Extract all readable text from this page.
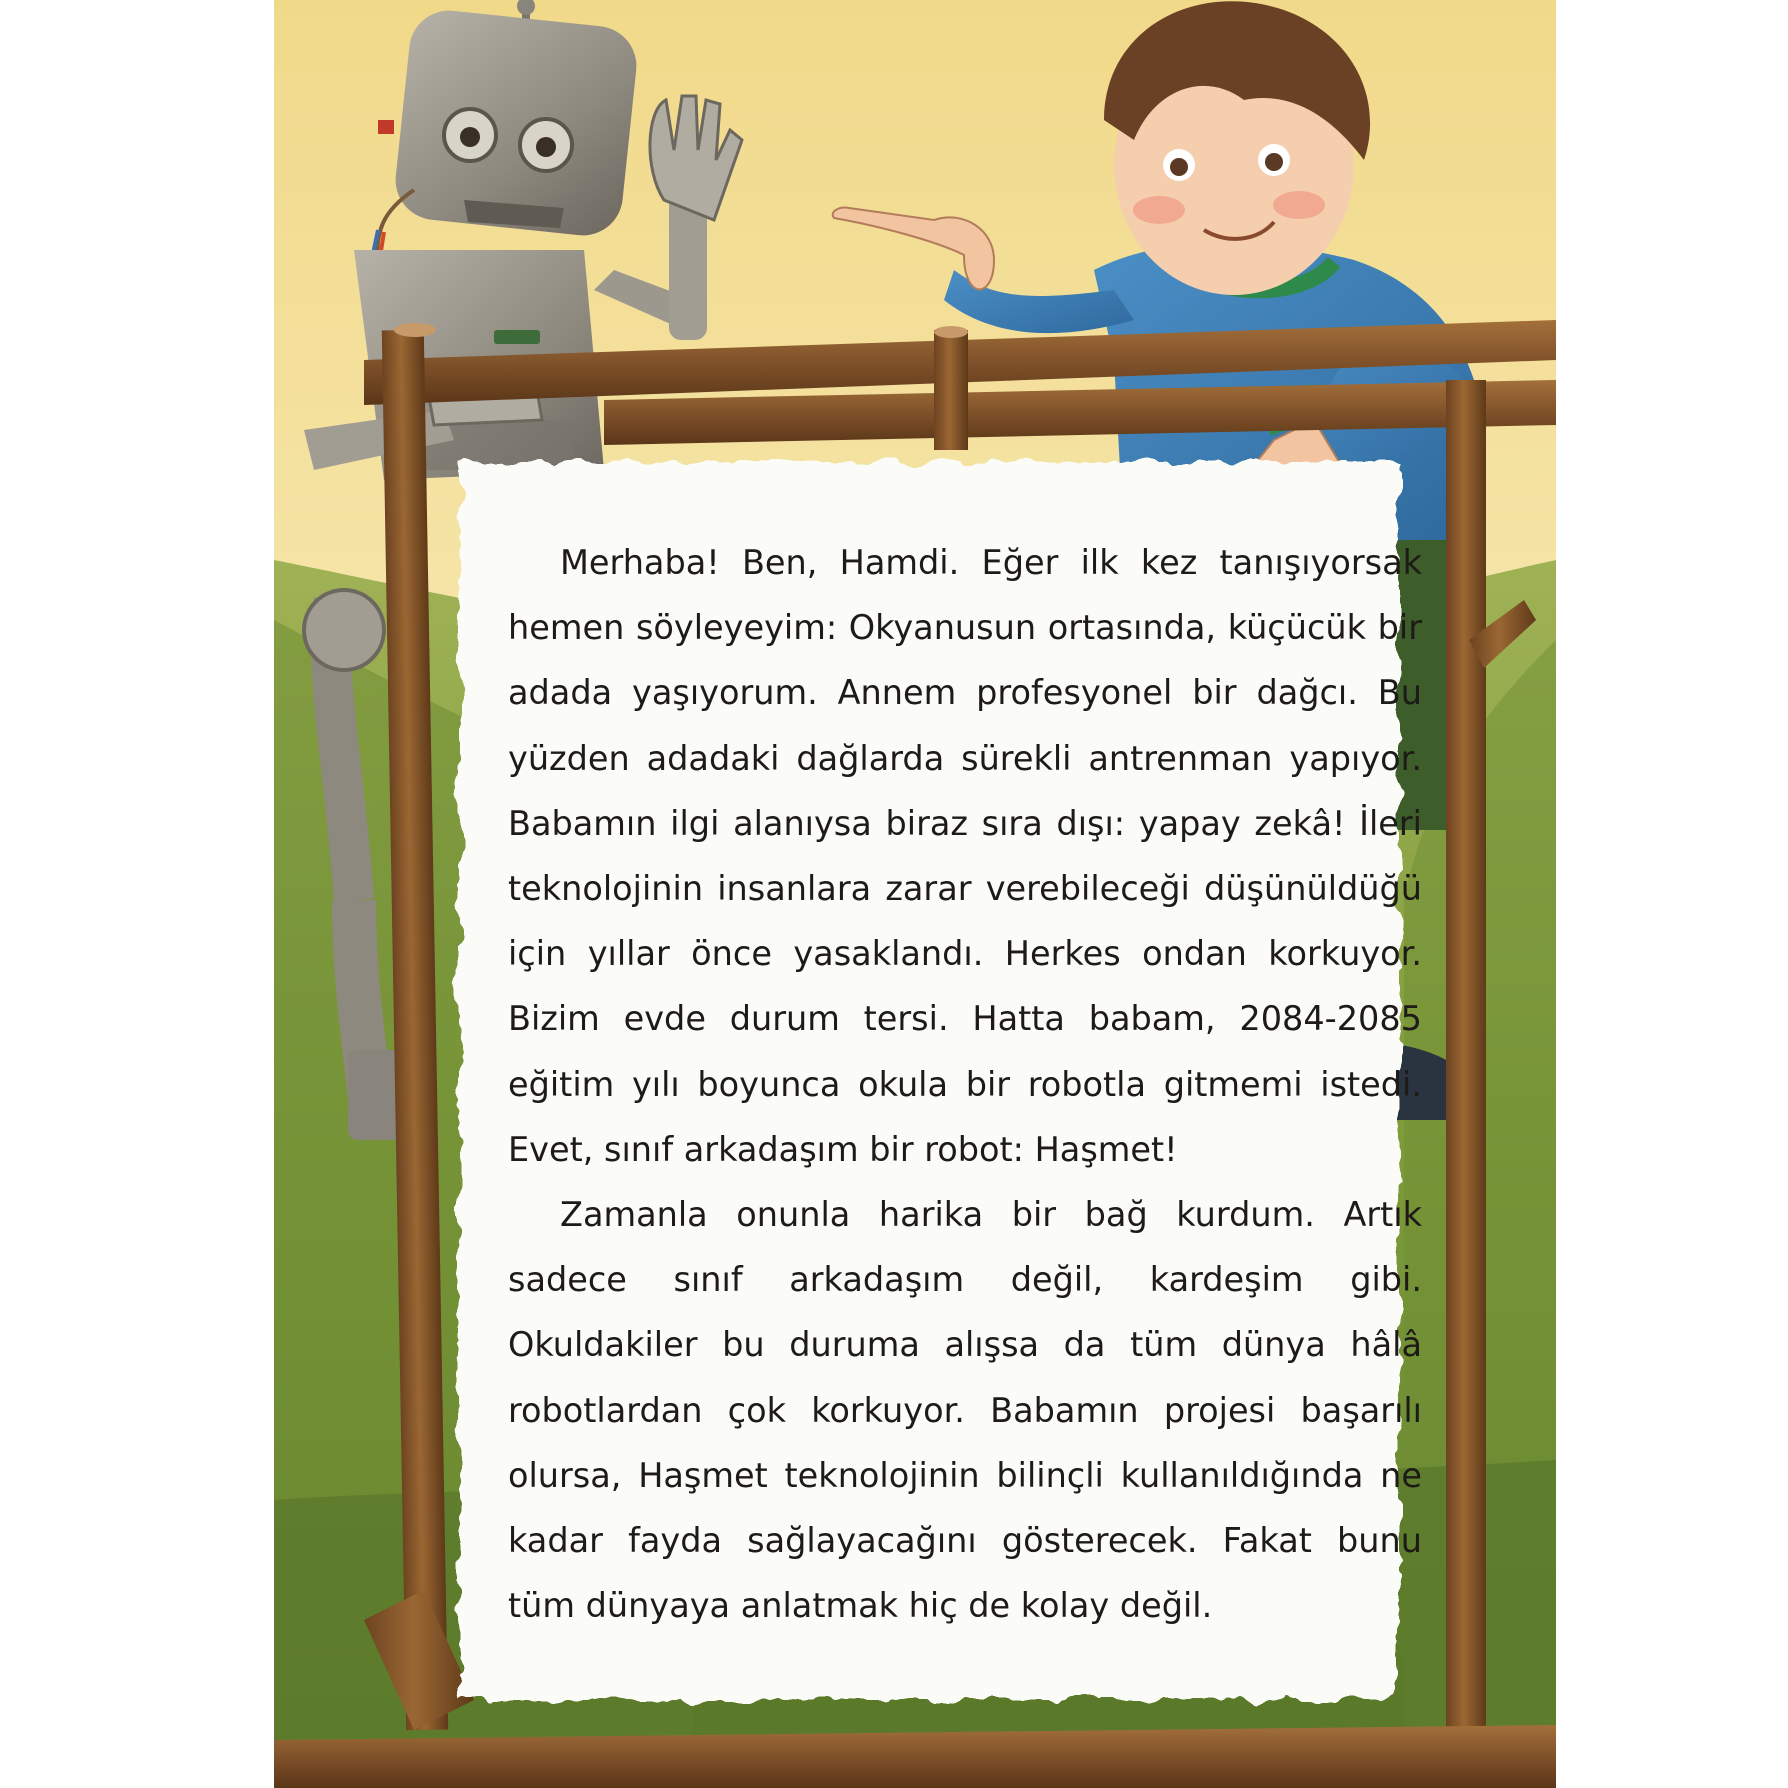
Merhaba! Ben, Hamdi. Eğer ilk kez tanışıyorsak hemen söyleyeyim: Okyanusun ortasında, küçücük bir adada yaşıyorum. Annem profesyonel bir dağcı. Bu yüzden adadaki dağlarda sürekli antrenman yapıyor. Babamın ilgi alanıysa biraz sıra dışı: yapay zekâ! İleri teknolojinin insanlara zarar verebileceği düşünüldüğü için yıllar önce yasaklandı. Herkes ondan korkuyor. Bizim evde durum tersi. Hatta babam, 2084-2085 eğitim yılı boyunca okula bir robotla gitmemi istedi. Evet, sınıf arkadaşım bir robot: Haşmet!

Zamanla onunla harika bir bağ kurdum. Artık sadece sınıf arkadaşım değil, kardeşim gibi. Okuldakiler bu duruma alışsa da tüm dünya hâlâ robotlardan çok korkuyor. Babamın projesi başarılı olursa, Haşmet teknolojinin bilinçli kullanıldığında ne kadar fayda sağlayacağını gösterecek. Fakat bunu tüm dünyaya anlatmak hiç de kolay değil.
